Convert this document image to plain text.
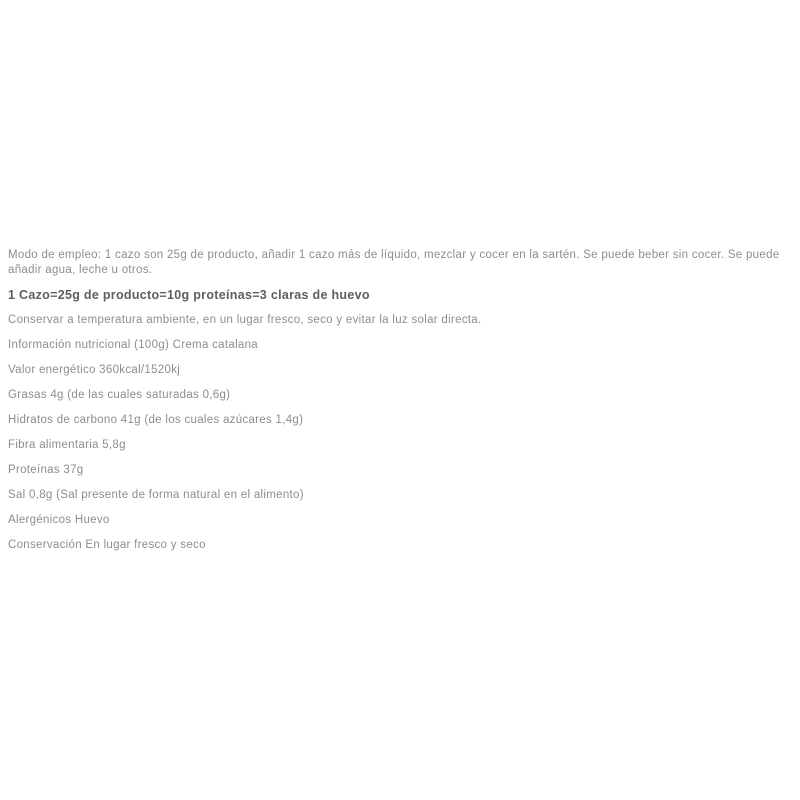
Modo de empleo: 1 cazo son 25g de producto, añadir 1 cazo más de líquido, mezclar y cocer en la sartén. Se puede beber sin cocer. Se puede añadir agua, leche u otros.

1 Cazo=25g de producto=10g proteínas=3 claras de huevo

Conservar a temperatura ambiente, en un lugar fresco, seco y evitar la luz solar directa.

Información nutricional (100g) Crema catalana

Valor energético 360kcal/1520kj

Grasas 4g (de las cuales saturadas 0,6g)

Hidratos de carbono 41g (de los cuales azúcares 1,4g)

Fibra alimentaria 5,8g

Proteínas 37g

Sal 0,8g (Sal presente de forma natural en el alimento)

Alergénicos Huevo

Conservación En lugar fresco y seco
